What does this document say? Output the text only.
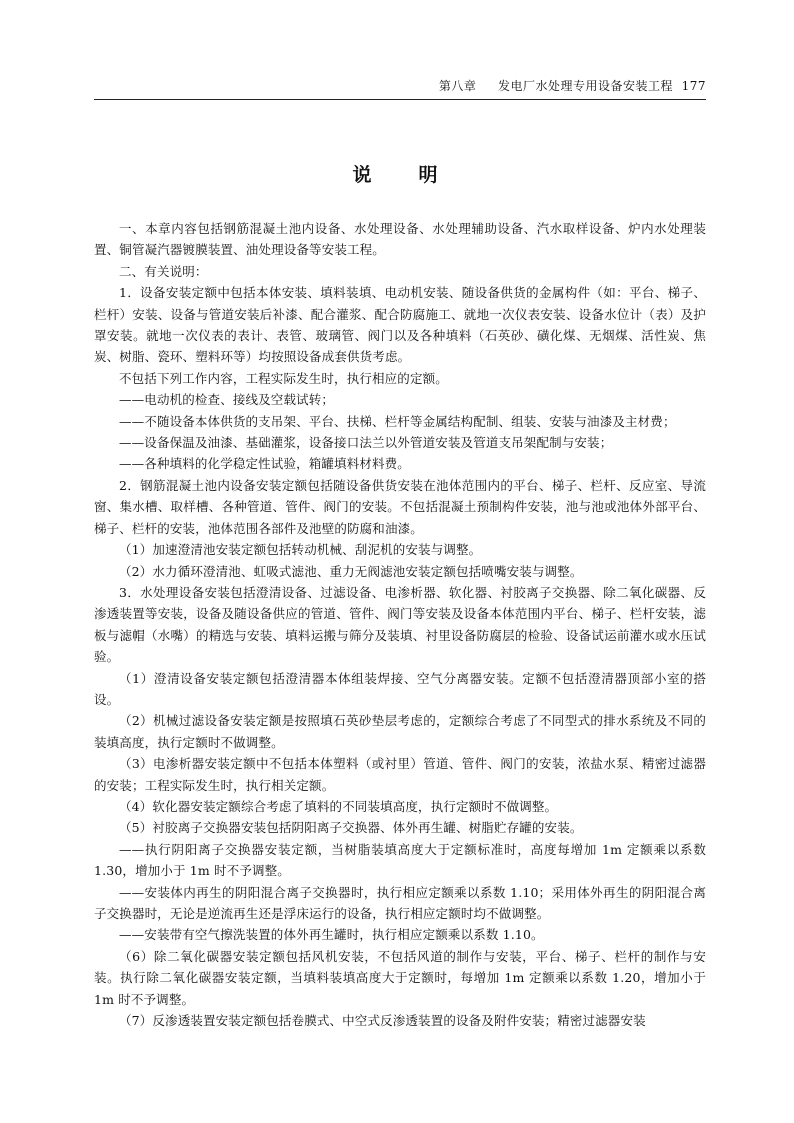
第八章 发电厂水处理专用设备安装工程 177
说　明

一、本章内容包括钢筋混凝土池内设备、水处理设备、水处理辅助设备、汽水取样设备、炉内水处理装置、铜管凝汽器镀膜装置、油处理设备等安装工程。

二、有关说明：

1．设备安装定额中包括本体安装、填料装填、电动机安装、随设备供货的金属构件（如：平台、梯子、栏杆）安装、设备与管道安装后补漆、配合灌浆、配合防腐施工、就地一次仪表安装、设备水位计（表）及护罩安装。就地一次仪表的表计、表管、玻璃管、阀门以及各种填料（石英砂、磺化煤、无烟煤、活性炭、焦炭、树脂、瓷环、塑料环等）均按照设备成套供货考虑。

不包括下列工作内容，工程实际发生时，执行相应的定额。

——电动机的检查、接线及空载试转；

——不随设备本体供货的支吊架、平台、扶梯、栏杆等金属结构配制、组装、安装与油漆及主材费；

——设备保温及油漆、基础灌浆，设备接口法兰以外管道安装及管道支吊架配制与安装；

——各种填料的化学稳定性试验，箱罐填料材料费。

2．钢筋混凝土池内设备安装定额包括随设备供货安装在池体范围内的平台、梯子、栏杆、反应室、导流窗、集水槽、取样槽、各种管道、管件、阀门的安装。不包括混凝土预制构件安装，池与池或池体外部平台、梯子、栏杆的安装，池体范围各部件及池壁的防腐和油漆。

（1）加速澄清池安装定额包括转动机械、刮泥机的安装与调整。

（2）水力循环澄清池、虹吸式滤池、重力无阀滤池安装定额包括喷嘴安装与调整。

3．水处理设备安装包括澄清设备、过滤设备、电渗析器、软化器、衬胶离子交换器、除二氧化碳器、反渗透装置等安装，设备及随设备供应的管道、管件、阀门等安装及设备本体范围内平台、梯子、栏杆安装，滤板与滤帽（水嘴）的精选与安装、填料运搬与筛分及装填、衬里设备防腐层的检验、设备试运前灌水或水压试验。

（1）澄清设备安装定额包括澄清器本体组装焊接、空气分离器安装。定额不包括澄清器顶部小室的搭设。

（2）机械过滤设备安装定额是按照填石英砂垫层考虑的，定额综合考虑了不同型式的排水系统及不同的装填高度，执行定额时不做调整。

（3）电渗析器安装定额中不包括本体塑料（或衬里）管道、管件、阀门的安装，浓盐水泵、精密过滤器的安装；工程实际发生时，执行相关定额。

（4）软化器安装定额综合考虑了填料的不同装填高度，执行定额时不做调整。

（5）衬胶离子交换器安装包括阴阳离子交换器、体外再生罐、树脂贮存罐的安装。

——执行阴阳离子交换器安装定额，当树脂装填高度大于定额标准时，高度每增加 1m 定额乘以系数 1.30，增加小于 1m 时不予调整。

——安装体内再生的阴阳混合离子交换器时，执行相应定额乘以系数 1.10；采用体外再生的阴阳混合离子交换器时，无论是逆流再生还是浮床运行的设备，执行相应定额时均不做调整。

——安装带有空气擦洗装置的体外再生罐时，执行相应定额乘以系数 1.10。

（6）除二氧化碳器安装定额包括风机安装，不包括风道的制作与安装，平台、梯子、栏杆的制作与安装。执行除二氧化碳器安装定额，当填料装填高度大于定额时，每增加 1m 定额乘以系数 1.20，增加小于 1m 时不予调整。

（7）反渗透装置安装定额包括卷膜式、中空式反渗透装置的设备及附件安装；精密过滤器安装
